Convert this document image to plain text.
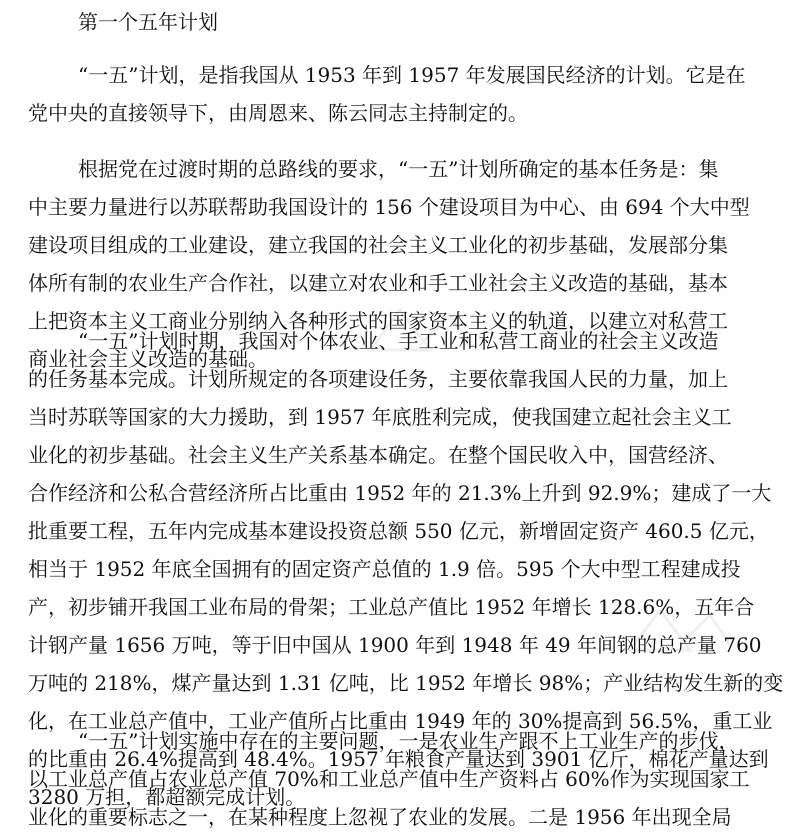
第一个五年计划

“一五”计划，是指我国从 1953 年到 1957 年发展国民经济的计划。它是在
党中央的直接领导下，由周恩来、陈云同志主持制定的。

根据党在过渡时期的总路线的要求，“一五”计划所确定的基本任务是：集
中主要力量进行以苏联帮助我国设计的 156 个建设项目为中心、由 694 个大中型
建设项目组成的工业建设，建立我国的社会主义工业化的初步基础，发展部分集
体所有制的农业生产合作社，以建立对农业和手工业社会主义改造的基础，基本
上把资本主义工商业分别纳入各种形式的国家资本主义的轨道，以建立对私营工
商业社会主义改造的基础。

“一五”计划时期，我国对个体农业、手工业和私营工商业的社会主义改造
的任务基本完成。计划所规定的各项建设任务，主要依靠我国人民的力量，加上
当时苏联等国家的大力援助，到 1957 年底胜利完成，使我国建立起社会主义工
业化的初步基础。社会主义生产关系基本确定。在整个国民收入中，国营经济、
合作经济和公私合营经济所占比重由 1952 年的 21.3%上升到 92.9%；建成了一大
批重要工程，五年内完成基本建设投资总额 550 亿元，新增固定资产 460.5 亿元，
相当于 1952 年底全国拥有的固定资产总值的 1.9 倍。595 个大中型工程建成投
产，初步铺开我国工业布局的骨架；工业总产值比 1952 年增长 128.6%，五年合
计钢产量 1656 万吨，等于旧中国从 1900 年到 1948 年 49 年间钢的总产量 760
万吨的 218%，煤产量达到 1.31 亿吨，比 1952 年增长 98%；产业结构发生新的变
化，在工业总产值中，工业产值所占比重由 1949 年的 30%提高到 56.5%，重工业
的比重由 26.4%提高到 48.4%。1957 年粮食产量达到 3901 亿斤，棉花产量达到
3280 万担，都超额完成计划。

“一五”计划实施中存在的主要问题，一是农业生产跟不上工业生产的步伐，
以工业总产值占农业总产值 70%和工业总产值中生产资料占 60%作为实现国家工
业化的重要标志之一，在某种程度上忽视了农业的发展。二是 1956 年出现全局
